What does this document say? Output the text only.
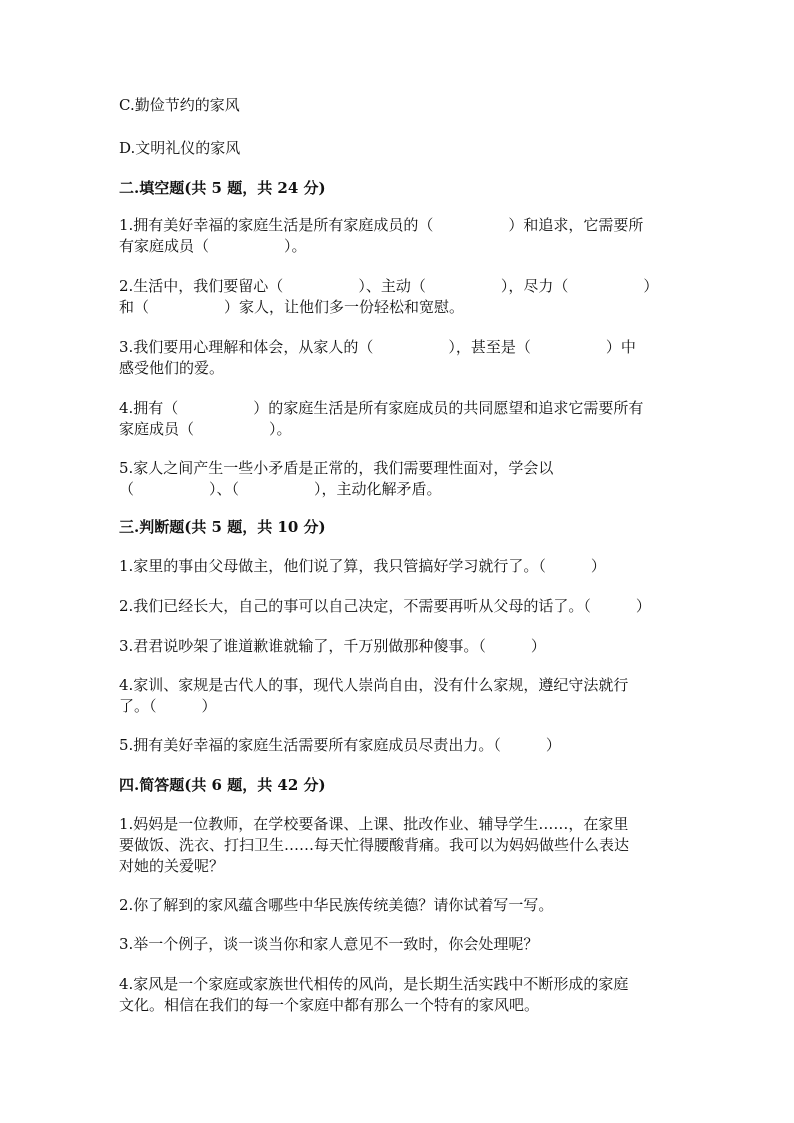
C.勤俭节约的家风
D.文明礼仪的家风
二.填空题(共 5 题，共 24 分)
1.拥有美好幸福的家庭生活是所有家庭成员的（　　　　　）和追求，它需要所
有家庭成员（　　　　　）。
2.生活中，我们要留心（　　　　　）、主动（　　　　　），尽力（　　　　　）
和（　　　　　）家人，让他们多一份轻松和宽慰。
3.我们要用心理解和体会，从家人的（　　　　　），甚至是（　　　　　）中
感受他们的爱。
4.拥有（　　　　　）的家庭生活是所有家庭成员的共同愿望和追求它需要所有
家庭成员（　　　　　）。
5.家人之间产生一些小矛盾是正常的，我们需要理性面对，学会以
（　　　　　）、（　　　　　），主动化解矛盾。
三.判断题(共 5 题，共 10 分)
1.家里的事由父母做主，他们说了算，我只管搞好学习就行了。（　　　）
2.我们已经长大，自己的事可以自己决定，不需要再听从父母的话了。（　　　）
3.君君说吵架了谁道歉谁就输了，千万别做那种傻事。（　　　）
4.家训、家规是古代人的事，现代人崇尚自由，没有什么家规，遵纪守法就行
了。（　　　）
5.拥有美好幸福的家庭生活需要所有家庭成员尽责出力。（　　　）
四.简答题(共 6 题，共 42 分)
1.妈妈是一位教师，在学校要备课、上课、批改作业、辅导学生……，在家里
要做饭、洗衣、打扫卫生……每天忙得腰酸背痛。我可以为妈妈做些什么表达
对她的关爱呢？
2.你了解到的家风蕴含哪些中华民族传统美德？请你试着写一写。
3.举一个例子，谈一谈当你和家人意见不一致时，你会处理呢？
4.家风是一个家庭或家族世代相传的风尚，是长期生活实践中不断形成的家庭
文化。相信在我们的每一个家庭中都有那么一个特有的家风吧。
